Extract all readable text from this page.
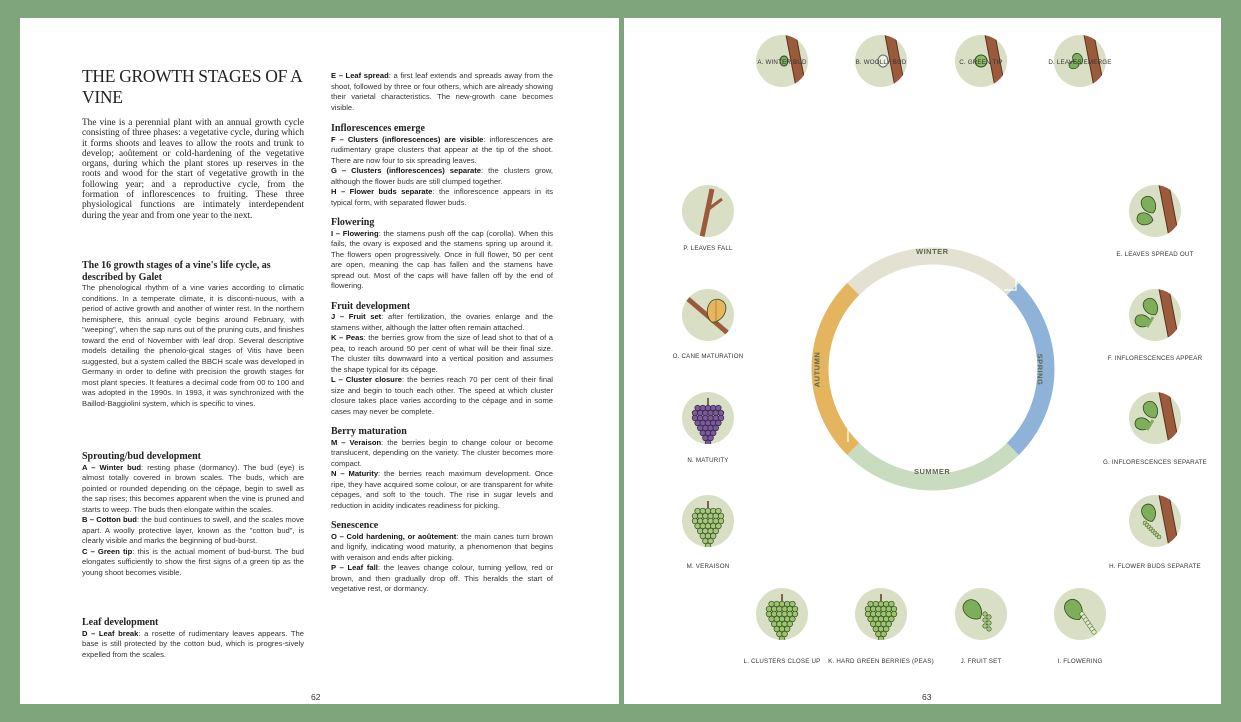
THE GROWTH STAGES OF A VINE
The vine is a perennial plant with an annual growth cycle consisting of three phases: a vegetative cycle, during which it forms shoots and leaves to allow the roots and trunk to develop; aoûtement or cold-hardening of the vegetative organs, during which the plant stores up reserves in the roots and wood for the start of vegetative growth in the following year; and a reproductive cycle, from the formation of inflorescences to fruiting. These three physiological functions are intimately interdependent during the year and from one year to the next.

The 16 growth stages of a vine's life cycle, as described by Galet

The phenological rhythm of a vine varies according to climatic conditions. In a temperate climate, it is disconti-nuous, with a period of active growth and another of winter rest. In the northern hemisphere, this annual cycle begins around February, with "weeping", when the sap runs out of the pruning cuts, and finishes toward the end of November with leaf drop. Several descriptive models detailing the phenolo-gical stages of Vitis have been suggested, but a system called the BBCH scale was developed in Germany in order to define with precision the growth stages for most plant species. It features a decimal code from 00 to 100 and was adopted in the 1990s. In 1993, it was synchronized with the Baillod-Baggiolini system, which is specific to vines.

Sprouting/bud development

A – Winter bud: resting phase (dormancy). The bud (eye) is almost totally covered in brown scales. The buds, which are pointed or rounded depending on the cépage, begin to swell as the sap rises; this becomes apparent when the vine is pruned and starts to weep. The buds then elongate within the scales.

B – Cotton bud: the bud continues to swell, and the scales move apart. A woolly protective layer, known as the "cotton bud", is clearly visible and marks the beginning of bud-burst.

C – Green tip: this is the actual moment of bud-burst. The bud elongates sufficiently to show the first signs of a green tip as the young shoot becomes visible.

Leaf development

D – Leaf break: a rosette of rudimentary leaves appears. The base is still protected by the cotton bud, which is progres-sively expelled from the scales.

E – Leaf spread: a first leaf extends and spreads away from the shoot, followed by three or four others, which are already showing their varietal characteristics. The new-growth cane becomes visible.

Inflorescences emerge

F – Clusters (inflorescences) are visible: inflorescences are rudimentary grape clusters that appear at the tip of the shoot. There are now four to six spreading leaves.

G – Clusters (inflorescences) separate: the clusters grow, although the flower buds are still clumped together.

H – Flower buds separate: the inflorescence appears in its typical form, with separated flower buds.

Flowering

I – Flowering: the stamens push off the cap (corolla). When this fails, the ovary is exposed and the stamens spring up around it. The flowers open progressively. Once in full flower, 50 per cent are open, meaning the cap has fallen and the stamens have spread out. Most of the caps will have fallen off by the end of flowering.

Fruit development

J – Fruit set: after fertilization, the ovaries enlarge and the stamens wither, although the latter often remain attached.

K – Peas: the berries grow from the size of lead shot to that of a pea, to reach around 50 per cent of what will be their final size. The cluster tilts downward into a vertical position and assumes the shape typical for its cépage.

L – Cluster closure: the berries reach 70 per cent of their final size and begin to touch each other. The speed at which cluster closure takes place varies according to the cépage and in some cases may never be complete.

Berry maturation

M – Veraison: the berries begin to change colour or become translucent, depending on the variety. The cluster becomes more compact.

N – Maturity: the berries reach maximum development. Once ripe, they have acquired some colour, or are transparent for white cépages, and soft to the touch. The rise in sugar levels and reduction in acidity indicates readiness for picking.

Senescence

O – Cold hardening, or aoûtement: the main canes turn brown and lignify, indicating wood maturity, a phenomenon that begins with veraison and ends after picking.

P – Leaf fall: the leaves change colour, turning yellow, red or brown, and then gradually drop off. This heralds the start of vegetative rest, or dormancy.

62
WINTER
SUMMER
SPRING
AUTUMN
A. WINTER BUD	B. WOOLLY BUD	C. GREEN TIP	D. LEAVES EMERGE
E. LEAVES SPREAD OUT
F. INFLORESCENCES APPEAR
G. INFLORESCENCES SEPARATE
H. FLOWER BUDS SEPARATE
I. FLOWERING
J. FRUIT SET
K. HARD GREEN BERRIES (PEAS)
L. CLUSTERS CLOSE UP
M. VERAISON
N. MATURITY
O. CANE MATURATION
P. LEAVES FALL
63
